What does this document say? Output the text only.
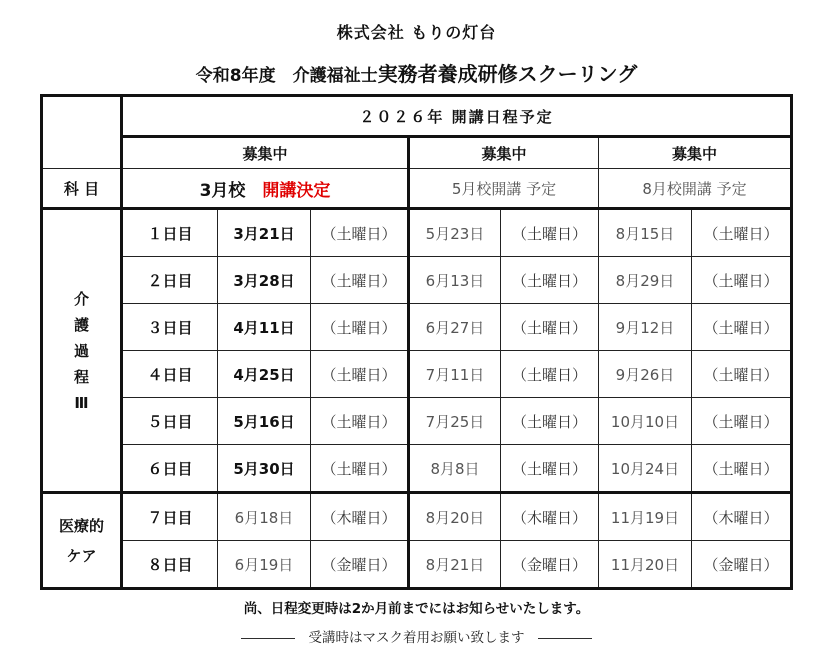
株式会社 もりの灯台
令和8年度　介護福祉士実務者養成研修スクーリング
	２０２６年 開講日程予定						
	募集中			募集中		募集中	
科 目	3月校　 開講決定			5月校開講 予定		8月校開講 予定	

介
護
過
程
Ⅲ	１日目	3月21日	（土曜日）	5月23日	（土曜日）	8月15日	（土曜日）
	２日目	3月28日	（土曜日）	6月13日	（土曜日）	8月29日	（土曜日）
	３日目	4月11日	（土曜日）	6月27日	（土曜日）	9月12日	（土曜日）
	４日目	4月25日	（土曜日）	7月11日	（土曜日）	9月26日	（土曜日）
	５日目	5月16日	（土曜日）	7月25日	（土曜日）	10月10日	（土曜日）
	６日目	5月30日	（土曜日）	8月8日	（土曜日）	10月24日	（土曜日）

医療的
ケア	７日目	6月18日	（木曜日）	8月20日	（木曜日）	11月19日	（木曜日）
	８日目	6月19日	（金曜日）	8月21日	（金曜日）	11月20日	（金曜日）
尚、日程変更時は2か月前までにはお知らせいたします。
――――　受講時はマスク着用お願い致します　――――
